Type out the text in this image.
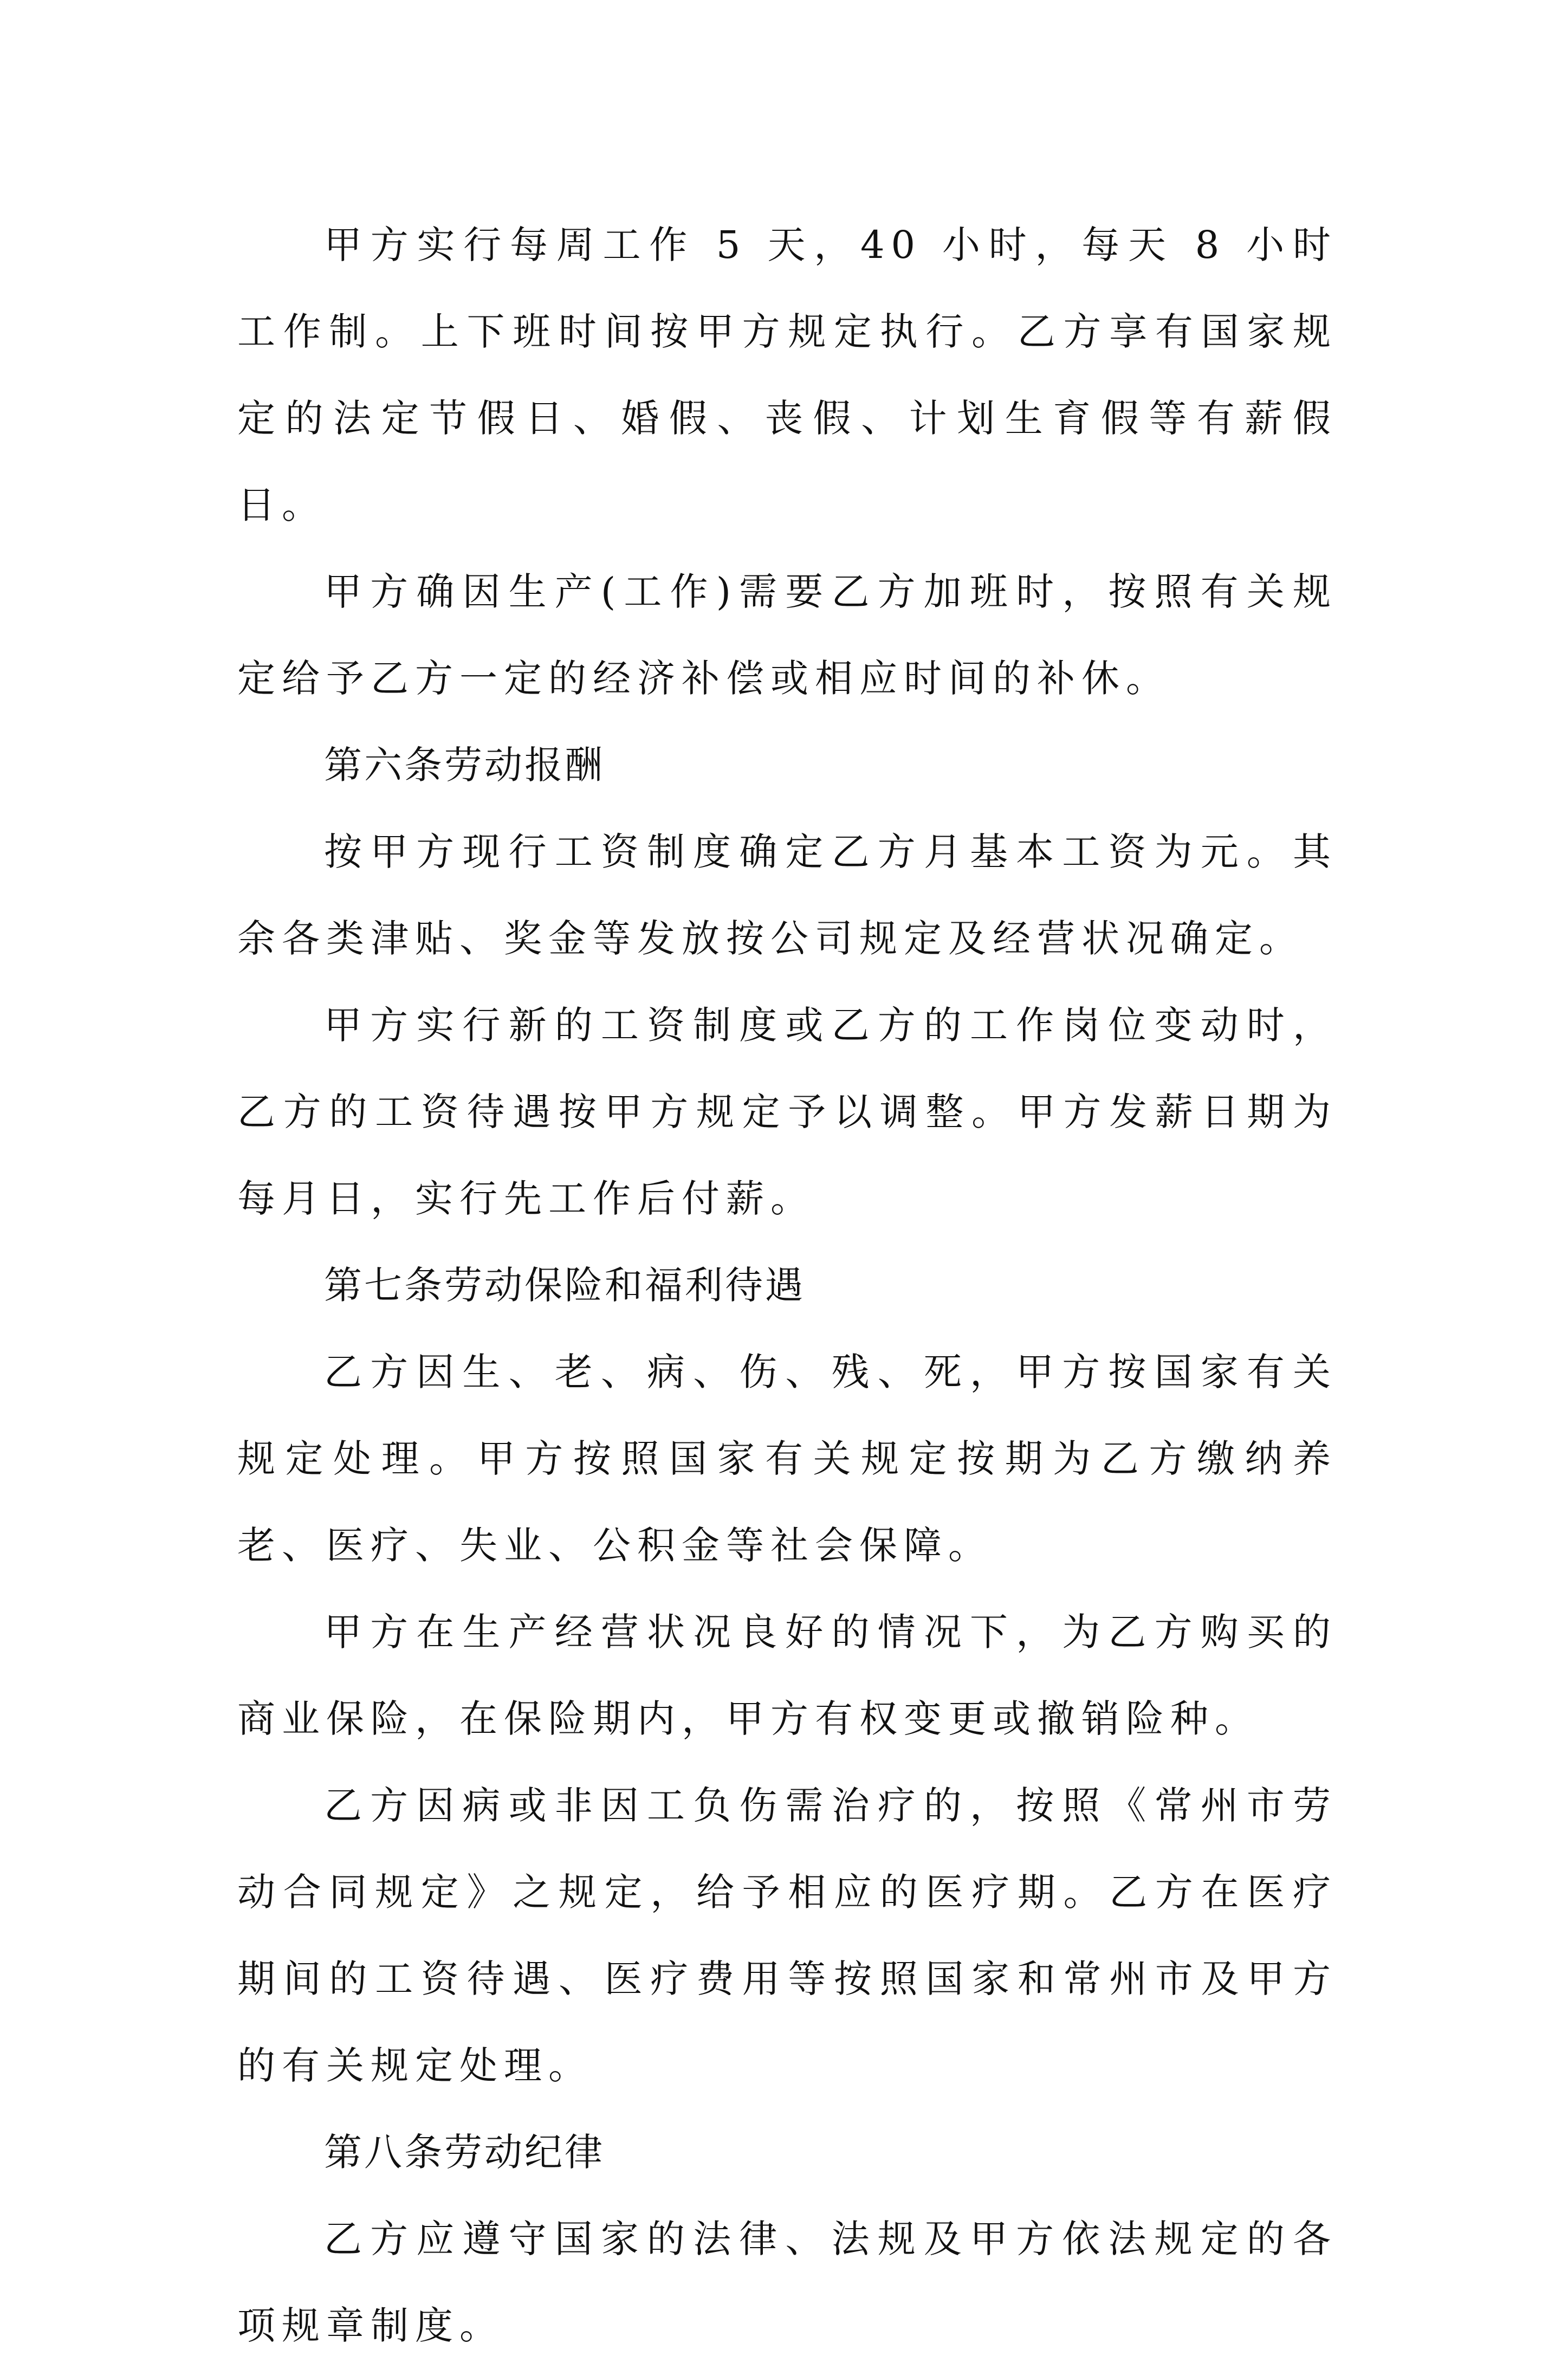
甲方实行每周工作 5 天，40 小时，每天 8 小时工作制。上下班时间按甲方规定执行。乙方享有国家规定的法定节假日、婚假、丧假、计划生育假等有薪假日。

甲方确因生产(工作)需要乙方加班时，按照有关规定给予乙方一定的经济补偿或相应时间的补休。

第六条劳动报酬

按甲方现行工资制度确定乙方月基本工资为元。其余各类津贴、奖金等发放按公司规定及经营状况确定。

甲方实行新的工资制度或乙方的工作岗位变动时，乙方的工资待遇按甲方规定予以调整。甲方发薪日期为每月日，实行先工作后付薪。

第七条劳动保险和福利待遇

乙方因生、老、病、伤、残、死，甲方按国家有关规定处理。甲方按照国家有关规定按期为乙方缴纳养老、医疗、失业、公积金等社会保障。

甲方在生产经营状况良好的情况下，为乙方购买的商业保险，在保险期内，甲方有权变更或撤销险种。

乙方因病或非因工负伤需治疗的，按照《常州市劳动合同规定》之规定，给予相应的医疗期。乙方在医疗期间的工资待遇、医疗费用等按照国家和常州市及甲方的有关规定处理。

第八条劳动纪律

乙方应遵守国家的法律、法规及甲方依法规定的各项规章制度。
